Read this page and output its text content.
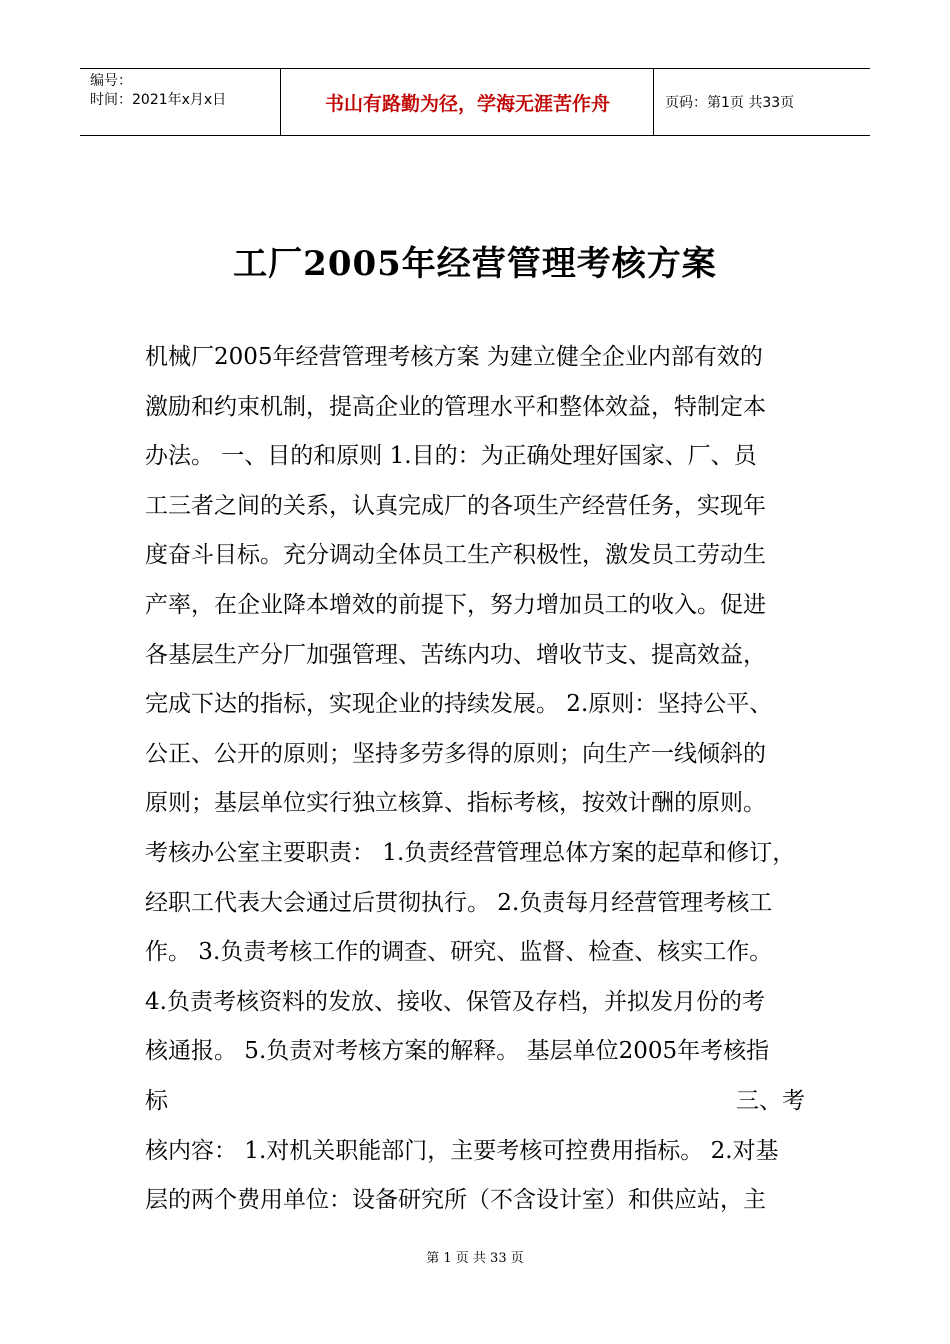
编号：
时间：2021年x月x日	书山有路勤为径，学海无涯苦作舟	页码：第1页 共33页
工厂2005年经营管理考核方案
机械厂2005年经营管理考核方案 为建立健全企业内部有效的
激励和约束机制，提高企业的管理水平和整体效益，特制定本
办法。 一、目的和原则 1.目的：为正确处理好国家、厂、员
工三者之间的关系，认真完成厂的各项生产经营任务，实现年
度奋斗目标。充分调动全体员工生产积极性，激发员工劳动生
产率，在企业降本增效的前提下，努力增加员工的收入。促进
各基层生产分厂加强管理、苦练内功、增收节支、提高效益，
完成下达的指标，实现企业的持续发展。 2.原则：坚持公平、
公正、公开的原则；坚持多劳多得的原则；向生产一线倾斜的
原则；基层单位实行独立核算、指标考核，按效计酬的原则。
考核办公室主要职责： 1.负责经营管理总体方案的起草和修订，
经职工代表大会通过后贯彻执行。 2.负责每月经营管理考核工
作。 3.负责考核工作的调查、研究、监督、检查、核实工作。
4.负责考核资料的发放、接收、保管及存档，并拟发月份的考
核通报。 5.负责对考核方案的解释。 基层单位2005年考核指
标	三、考
核内容： 1.对机关职能部门，主要考核可控费用指标。 2.对基
层的两个费用单位：设备研究所（不含设计室）和供应站，主
第 1 页 共 33 页
